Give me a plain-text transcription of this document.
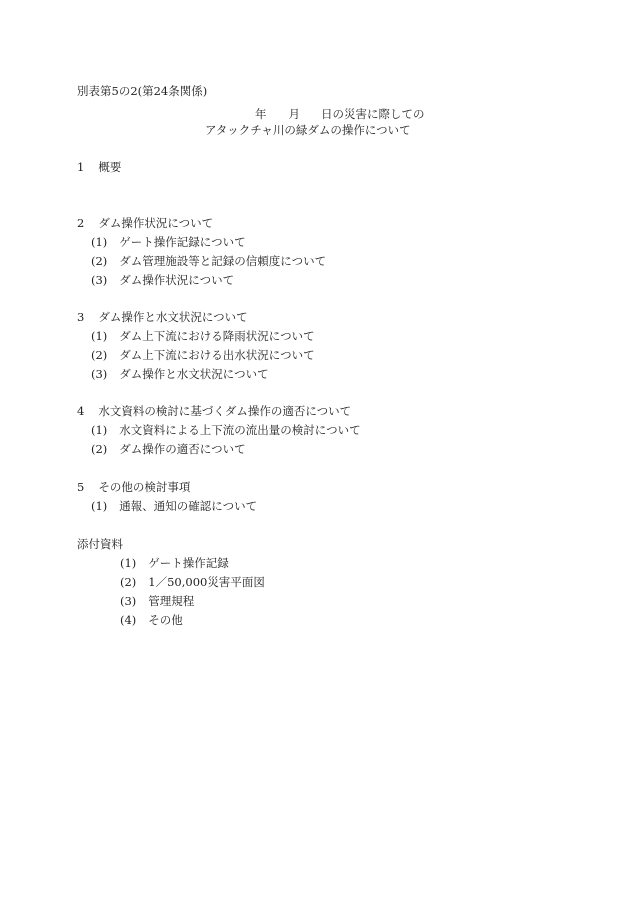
別表第5の2(第24条関係)
年 月 日の災害に際しての
アタックチャ川の緑ダムの操作について
1 概要
2 ダム操作状況について
(1) ゲート操作記録について
(2) ダム管理施設等と記録の信頼度について
(3) ダム操作状況について
3 ダム操作と水文状況について
(1) ダム上下流における降雨状況について
(2) ダム上下流における出水状況について
(3) ダム操作と水文状況について
4 水文資料の検討に基づくダム操作の適否について
(1) 水文資料による上下流の流出量の検討について
(2) ダム操作の適否について
5 その他の検討事項
(1) 通報、通知の確認について
添付資料
(1) ゲート操作記録
(2) 1／50,000災害平面図
(3) 管理規程
(4) その他
